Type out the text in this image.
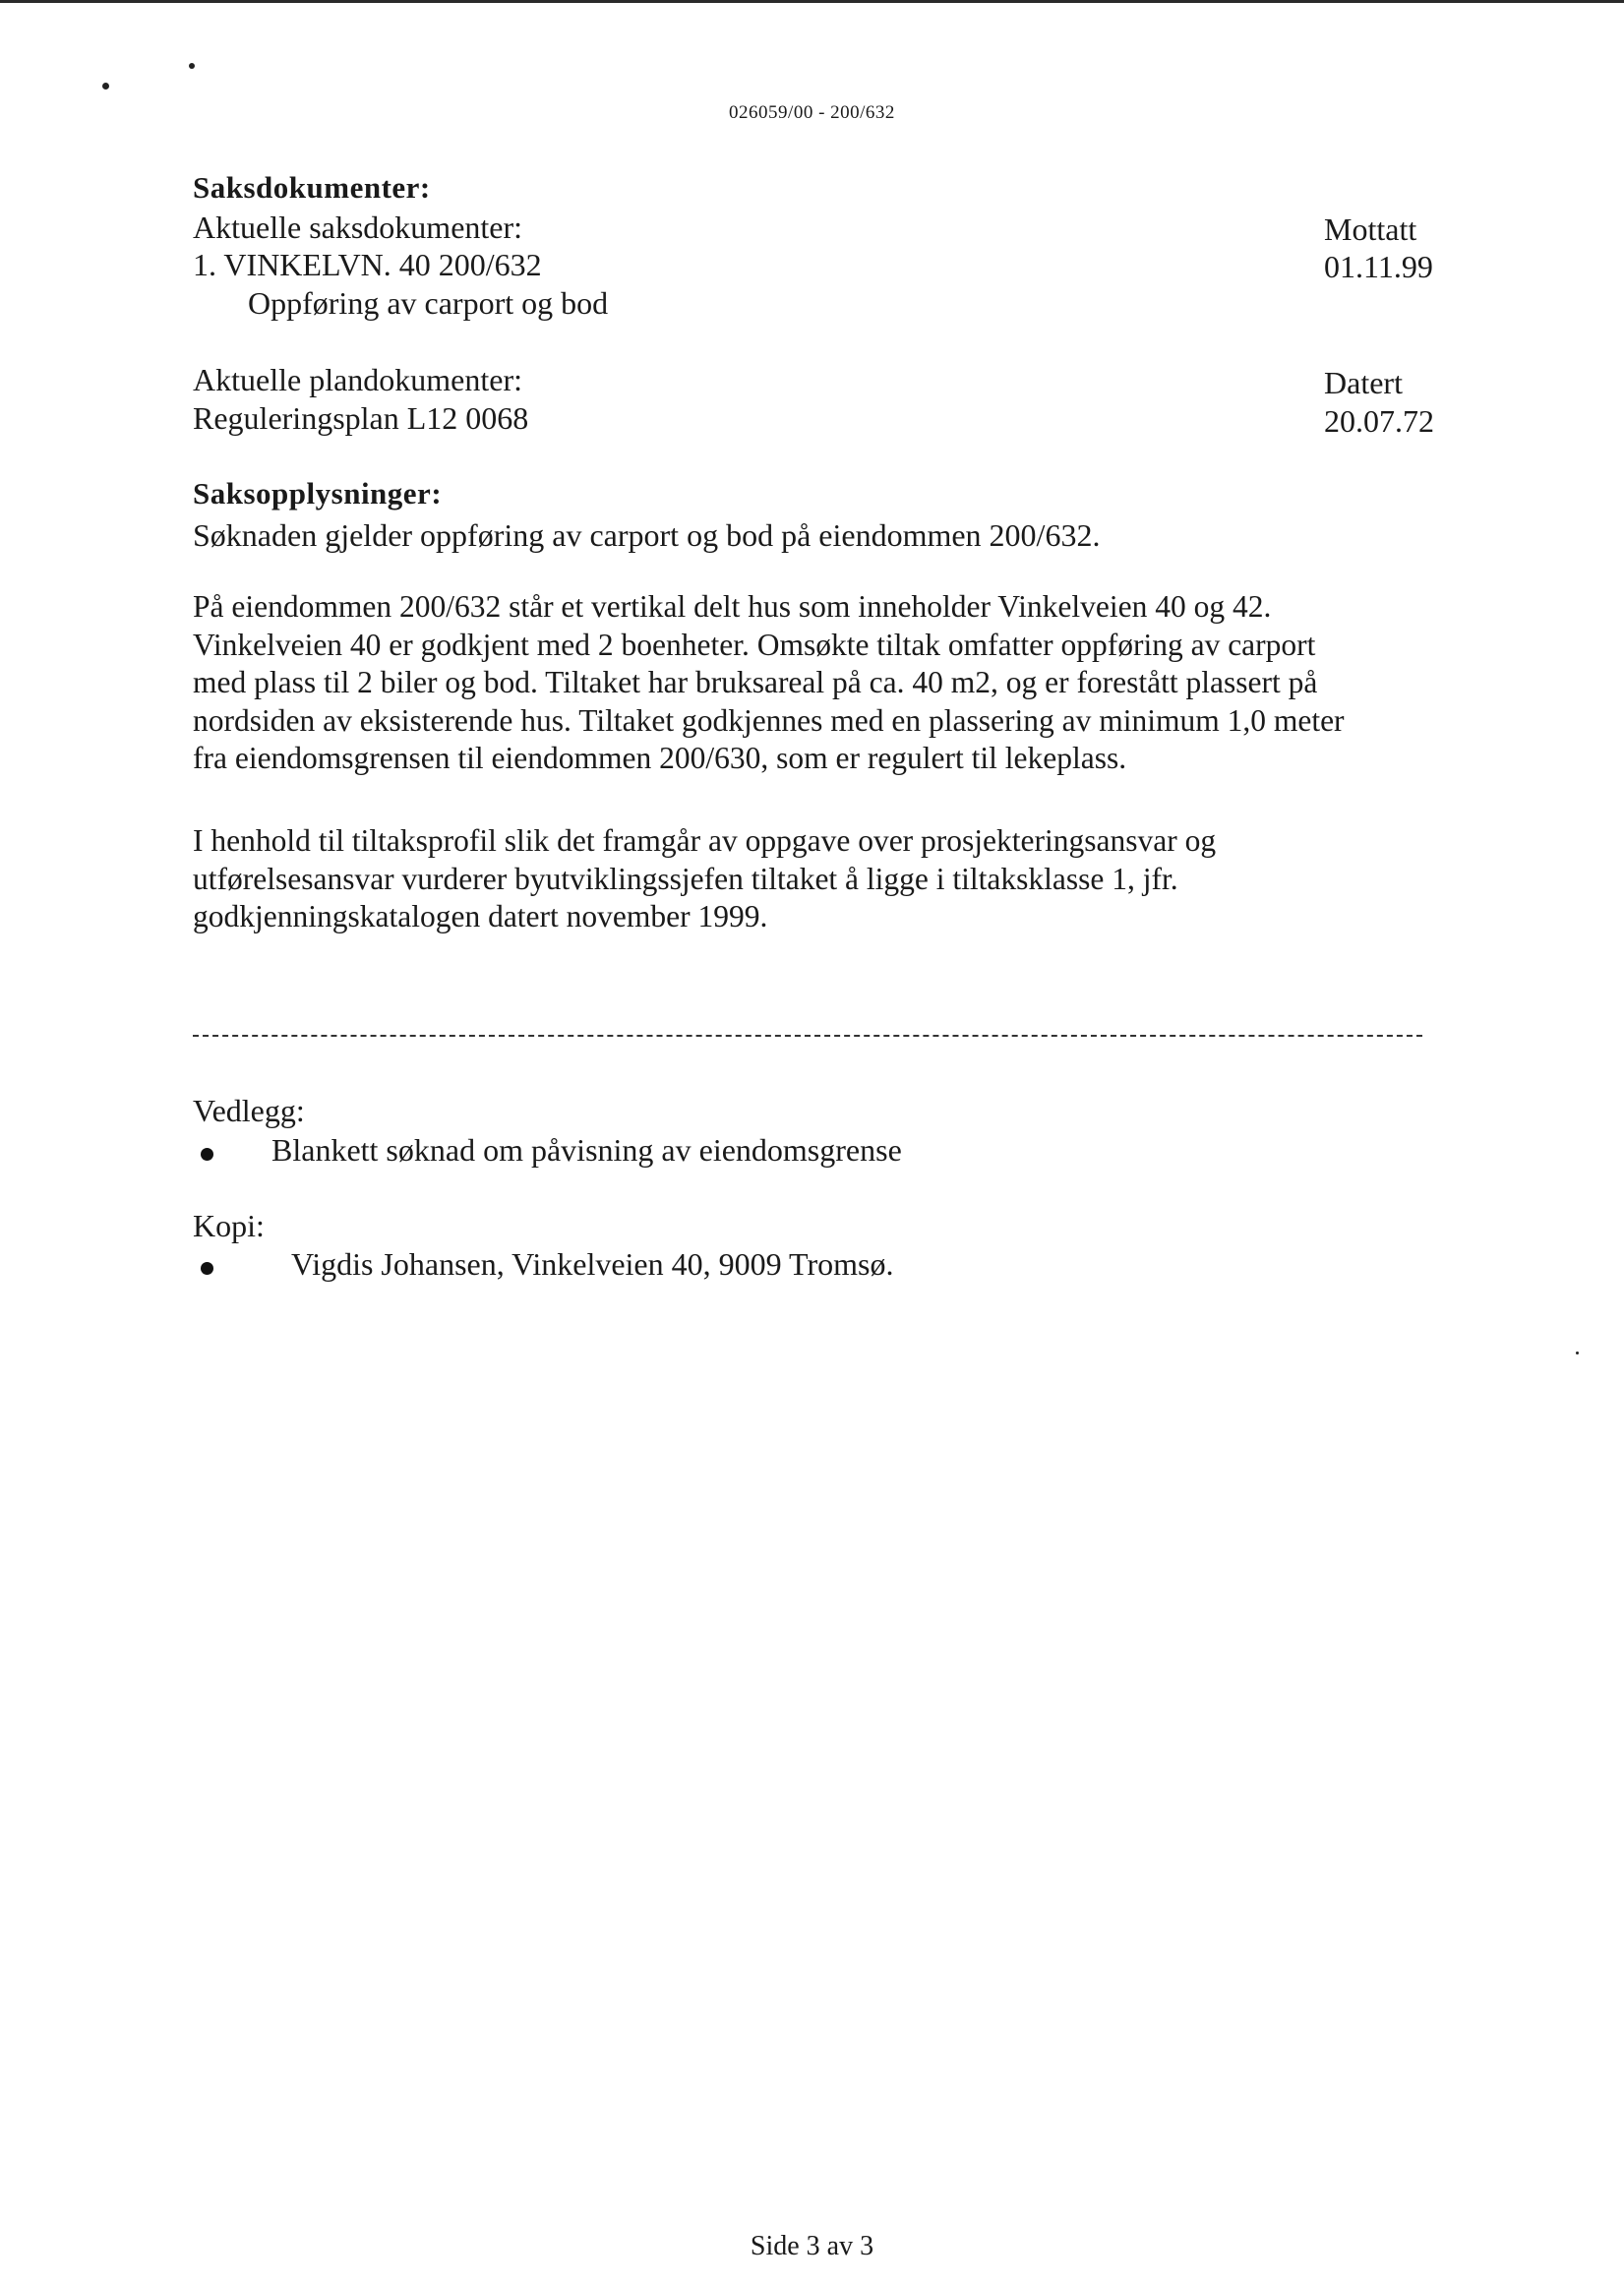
026059/00 - 200/632
Saksdokumenter:
Aktuelle saksdokumenter:	Mottatt
1. VINKELVN. 40 200/632	01.11.99
Oppføring av carport og bod
Aktuelle plandokumenter:	Datert
Reguleringsplan L12 0068	20.07.72
Saksopplysninger:
Søknaden gjelder oppføring av carport og bod på eiendommen 200/632.
På eiendommen 200/632 står et vertikal delt hus som inneholder Vinkelveien 40 og 42.
Vinkelveien 40 er godkjent med 2 boenheter. Omsøkte tiltak omfatter oppføring av carport
med plass til 2 biler og bod. Tiltaket har bruksareal på ca. 40 m2, og er forestått plassert på
nordsiden av eksisterende hus. Tiltaket godkjennes med en plassering av minimum 1,0 meter
fra eiendomsgrensen til eiendommen 200/630, som er regulert til lekeplass.
I henhold til tiltaksprofil slik det framgår av oppgave over prosjekteringsansvar og
utførelsesansvar vurderer byutviklingssjefen tiltaket å ligge i tiltaksklasse 1, jfr.
godkjenningskatalogen datert november 1999.
Vedlegg:
Blankett søknad om påvisning av eiendomsgrense
Kopi:
Vigdis Johansen, Vinkelveien 40, 9009 Tromsø.
Side 3 av 3
